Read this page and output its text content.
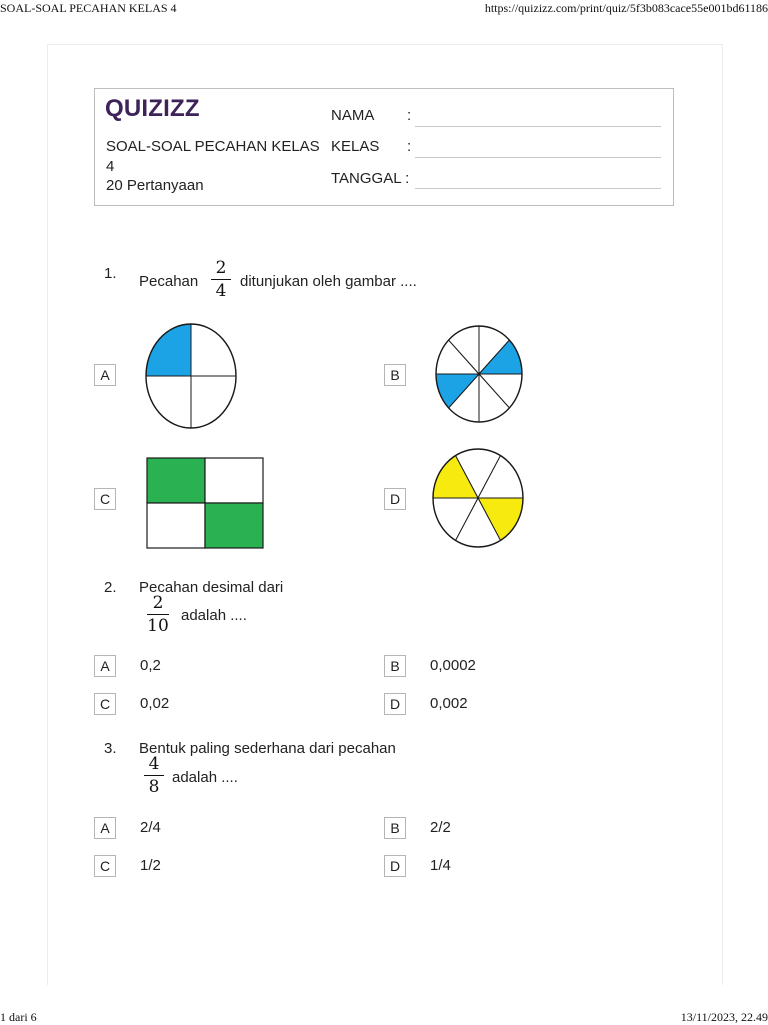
SOAL-SOAL PECAHAN KELAS 4	https://quizizz.com/print/quiz/5f3b083cace55e001bd61186
1 dari 6	13/11/2023, 22.49
QUIZIZZ
SOAL-SOAL PECAHAN KELAS 4
20 Pertanyaan
NAMA :
KELAS :
TANGGAL :
1. Pecahan
2
4 ditunjukan oleh gambar ....
A	B
C	D
2. Pecahan desimal dari
2
10
adalah ....
A	0,2	B	0,0002
C	0,02	D	0,002
3. Bentuk paling sederhana dari pecahan
4
8 adalah ....
A	2/4	B	2/2
C	1/2	D	1/4
